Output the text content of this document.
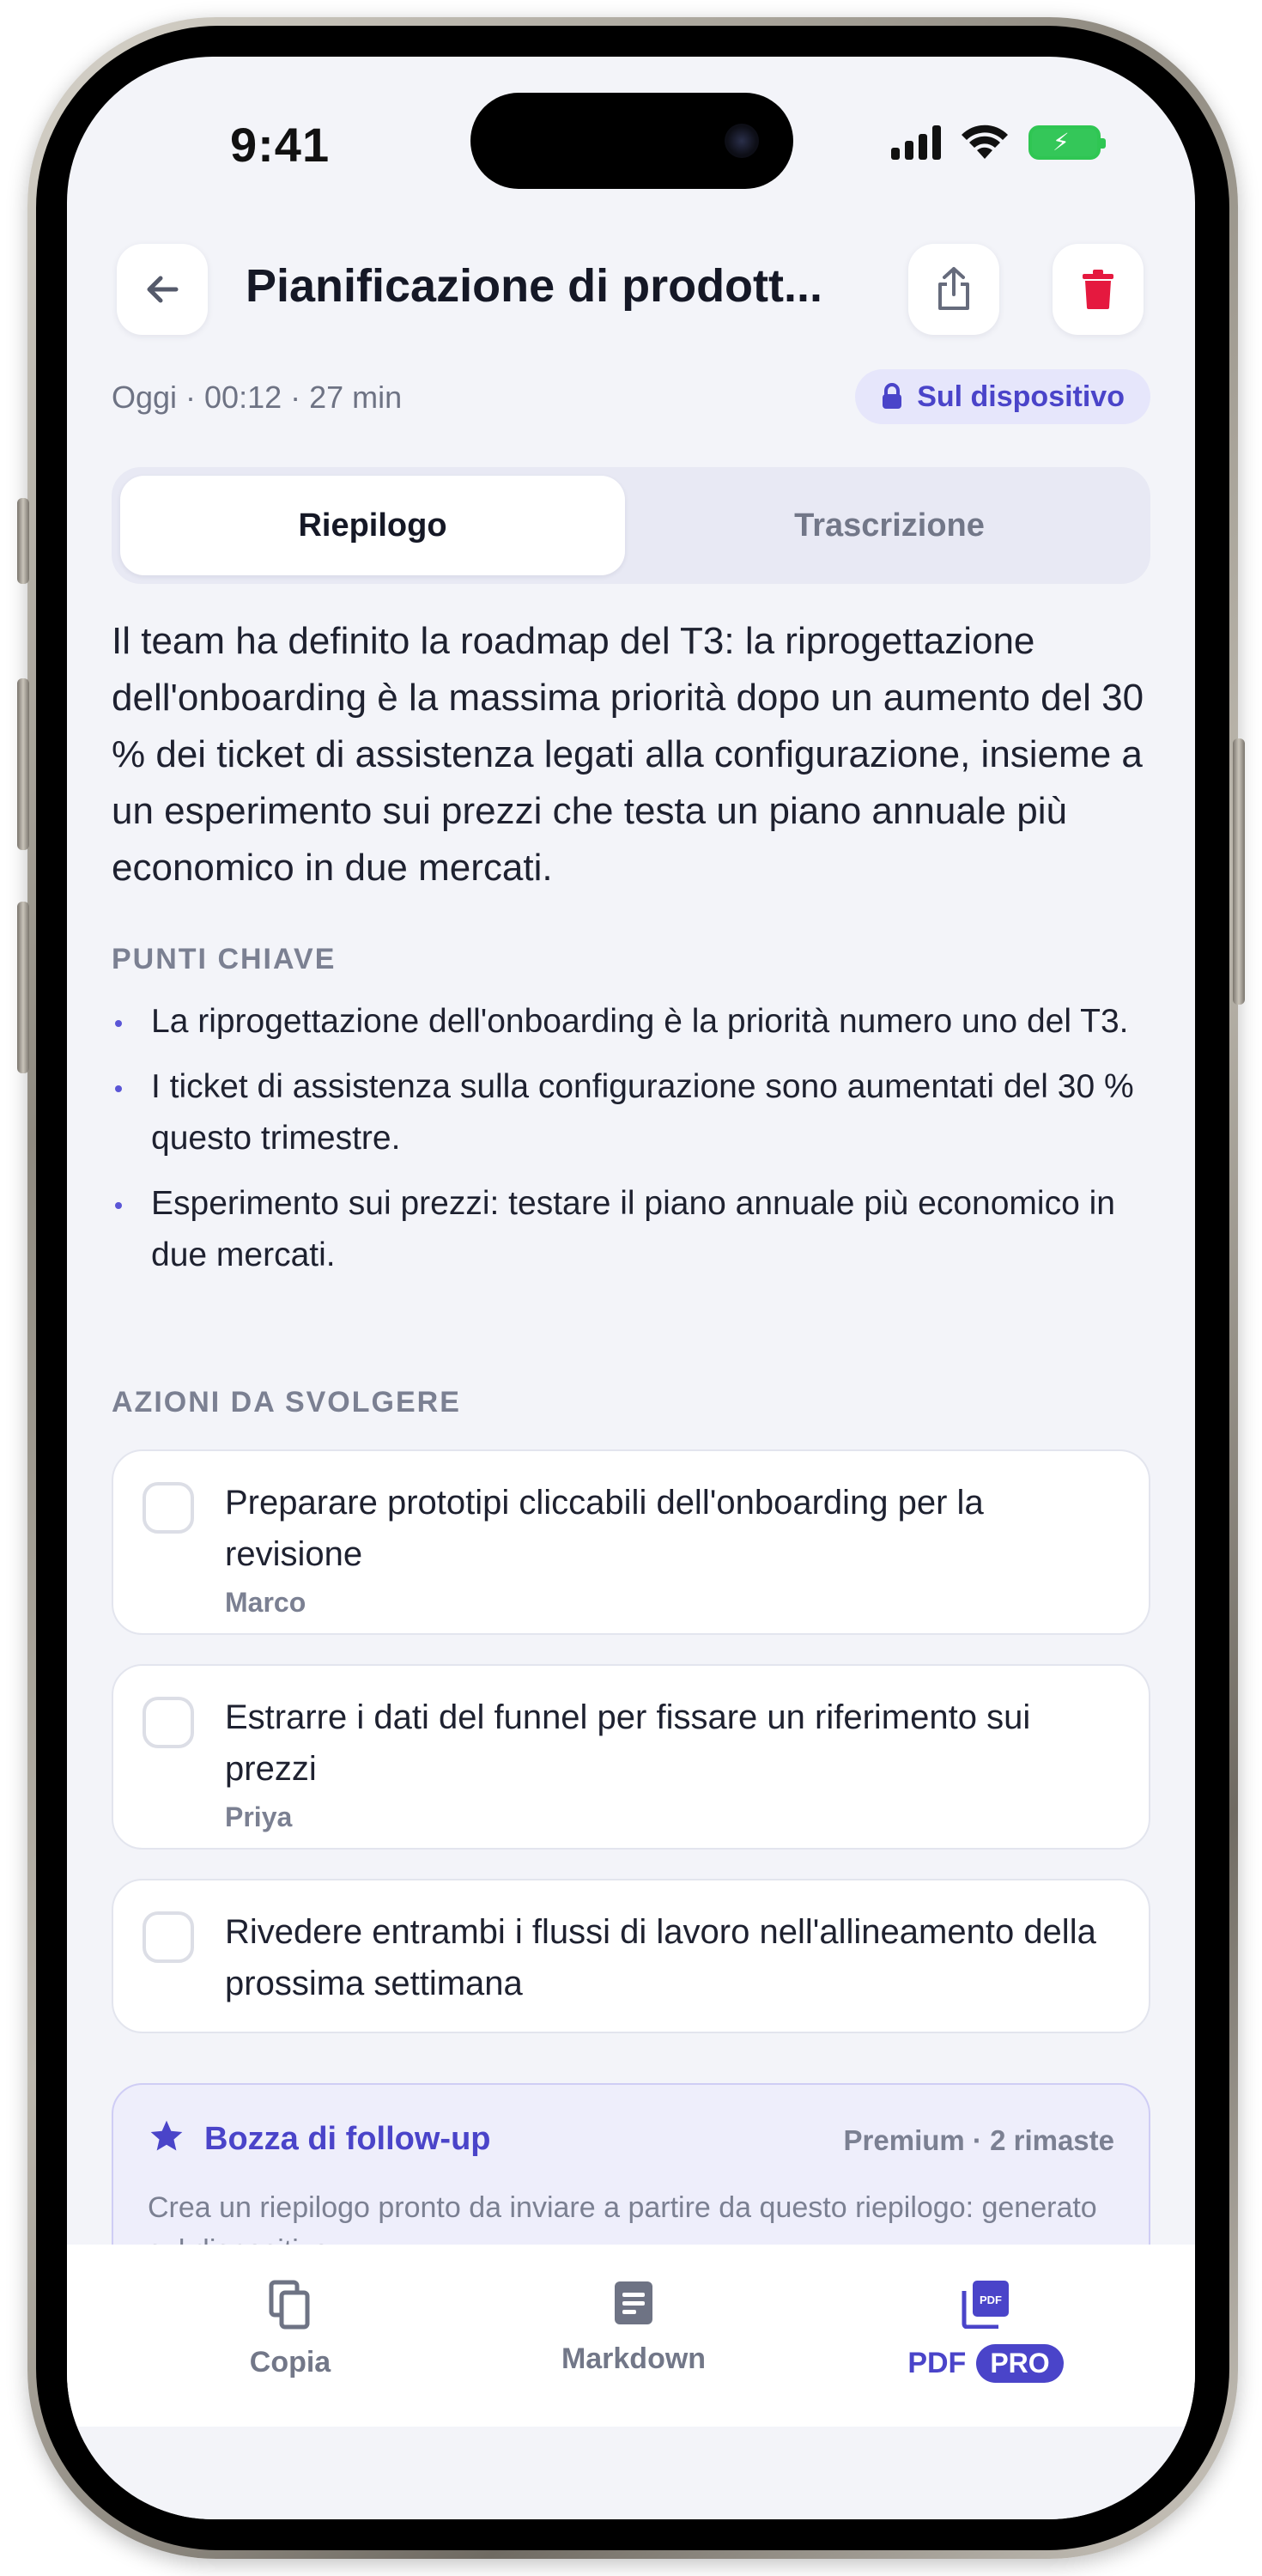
9:41	⚡
Pianificazione di prodott...
Oggi · 00:12 · 27 min	Sul dispositivo
Riepilogo	Trascrizione
Il team ha definito la roadmap del T3: la riprogettazione dell'onboarding è la massima priorità dopo un aumento del 30 % dei ticket di assistenza legati alla configurazione, insieme a un esperimento sui prezzi che testa un piano annuale più economico in due mercati.
PUNTI CHIAVE
La riprogettazione dell'onboarding è la priorità numero uno del T3.
I ticket di assistenza sulla configurazione sono aumentati del 30 % questo trimestre.
Esperimento sui prezzi: testare il piano annuale più economico in due mercati.
AZIONI DA SVOLGERE
Preparare prototipi cliccabili dell'onboarding per la revisione
Marco
Estrarre i dati del funnel per fissare un riferimento sui prezzi
Priya
Rivedere entrambi i flussi di lavoro nell'allineamento della prossima settimana
Bozza di follow-up	Premium · 2 rimaste
Crea un riepilogo pronto da inviare a partire da questo riepilogo: generato
Copia	Markdown
PDF
PDF PRO
